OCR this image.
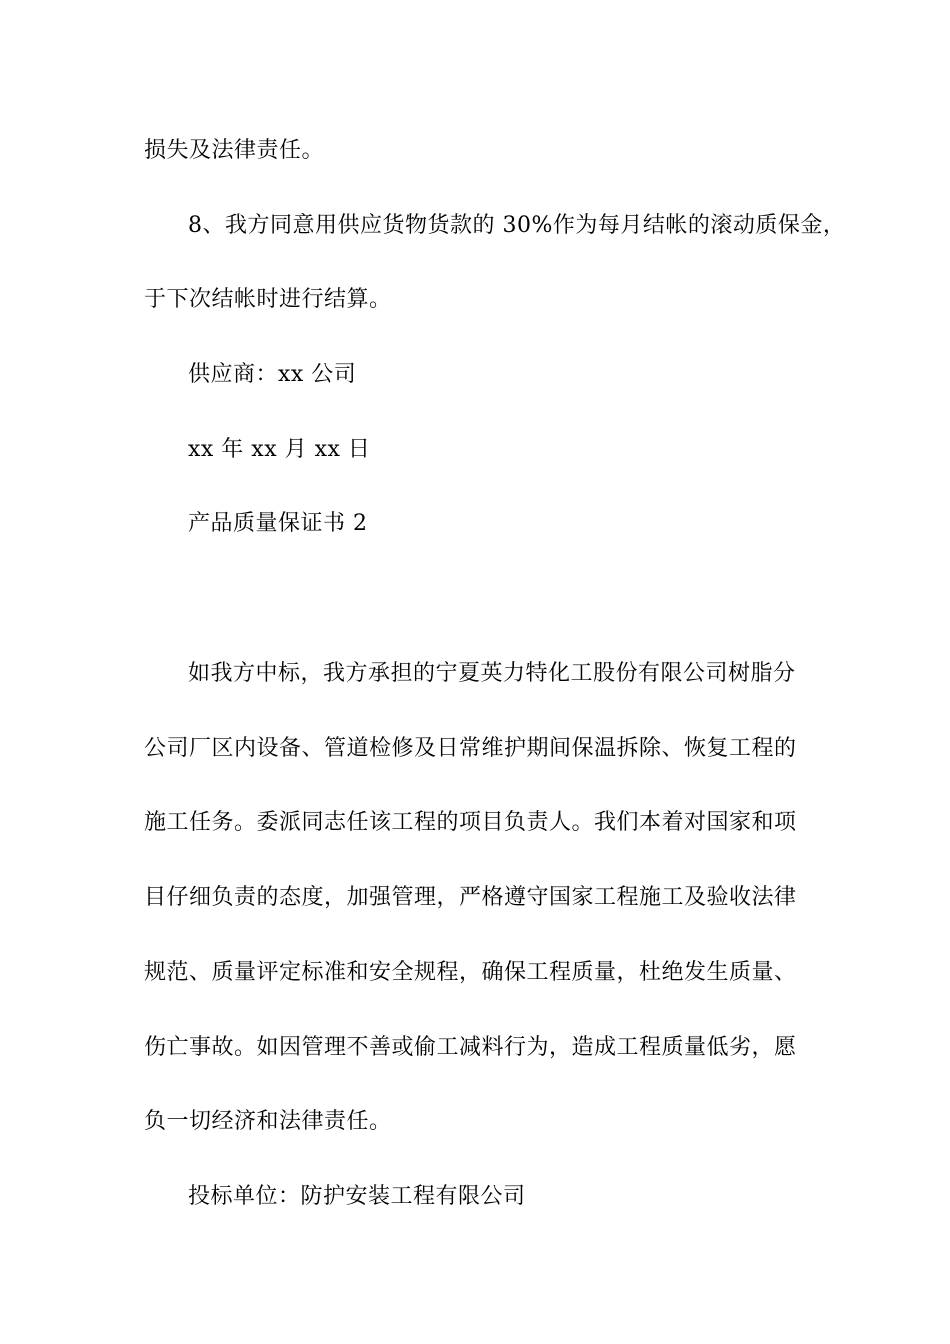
损失及法律责任。
8、我方同意用供应货物货款的 30%作为每月结帐的滚动质保金，
于下次结帐时进行结算。
供应商：xx 公司
xx 年 xx 月 xx 日
产品质量保证书 2
如我方中标，我方承担的宁夏英力特化工股份有限公司树脂分
公司厂区内设备、管道检修及日常维护期间保温拆除、恢复工程的
施工任务。委派同志任该工程的项目负责人。我们本着对国家和项
目仔细负责的态度，加强管理，严格遵守国家工程施工及验收法律
规范、质量评定标准和安全规程，确保工程质量，杜绝发生质量、
伤亡事故。如因管理不善或偷工减料行为，造成工程质量低劣，愿
负一切经济和法律责任。
投标单位：防护安装工程有限公司
